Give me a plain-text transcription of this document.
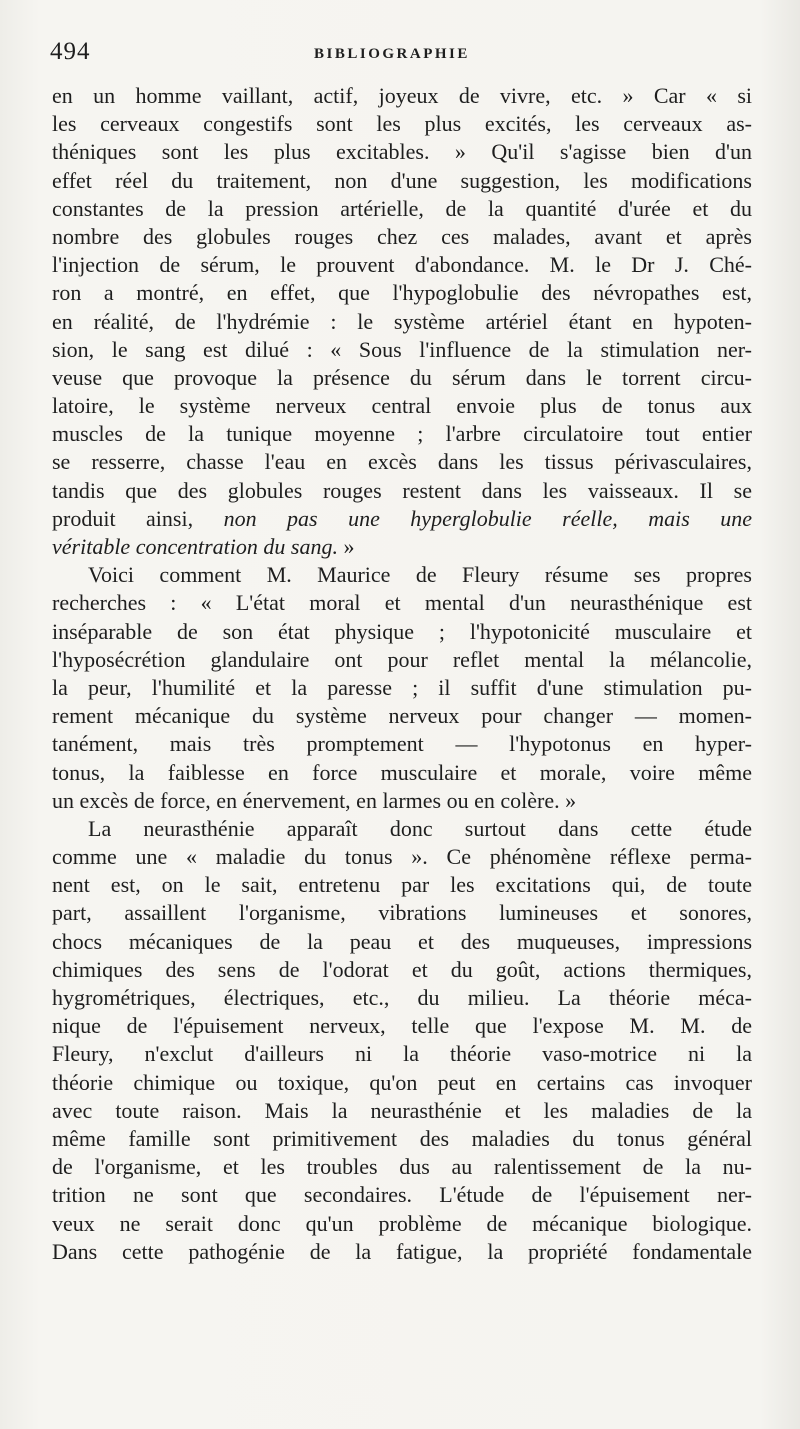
494	BIBLIOGRAPHIE
en un homme vaillant, actif, joyeux de vivre, etc. » Car « si
les cerveaux congestifs sont les plus excités, les cerveaux as-
théniques sont les plus excitables. » Qu'il s'agisse bien d'un
effet réel du traitement, non d'une suggestion, les modifications
constantes de la pression artérielle, de la quantité d'urée et du
nombre des globules rouges chez ces malades, avant et après
l'injection de sérum, le prouvent d'abondance. M. le Dr J. Ché-
ron a montré, en effet, que l'hypoglobulie des névropathes est,
en réalité, de l'hydrémie : le système artériel étant en hypoten-
sion, le sang est dilué : « Sous l'influence de la stimulation ner-
veuse que provoque la présence du sérum dans le torrent circu-
latoire, le système nerveux central envoie plus de tonus aux
muscles de la tunique moyenne ; l'arbre circulatoire tout entier
se resserre, chasse l'eau en excès dans les tissus périvasculaires,
tandis que des globules rouges restent dans les vaisseaux. Il se
produit ainsi, non pas une hyperglobulie réelle, mais une
véritable concentration du sang. »
Voici comment M. Maurice de Fleury résume ses propres
recherches : « L'état moral et mental d'un neurasthénique est
inséparable de son état physique ; l'hypotonicité musculaire et
l'hyposécrétion glandulaire ont pour reflet mental la mélancolie,
la peur, l'humilité et la paresse ; il suffit d'une stimulation pu-
rement mécanique du système nerveux pour changer — momen-
tanément, mais très promptement — l'hypotonus en hyper-
tonus, la faiblesse en force musculaire et morale, voire même
un excès de force, en énervement, en larmes ou en colère. »
La neurasthénie apparaît donc surtout dans cette étude
comme une « maladie du tonus ». Ce phénomène réflexe perma-
nent est, on le sait, entretenu par les excitations qui, de toute
part, assaillent l'organisme, vibrations lumineuses et sonores,
chocs mécaniques de la peau et des muqueuses, impressions
chimiques des sens de l'odorat et du goût, actions thermiques,
hygrométriques, électriques, etc., du milieu. La théorie méca-
nique de l'épuisement nerveux, telle que l'expose M. M. de
Fleury, n'exclut d'ailleurs ni la théorie vaso-motrice ni la
théorie chimique ou toxique, qu'on peut en certains cas invoquer
avec toute raison. Mais la neurasthénie et les maladies de la
même famille sont primitivement des maladies du tonus général
de l'organisme, et les troubles dus au ralentissement de la nu-
trition ne sont que secondaires. L'étude de l'épuisement ner-
veux ne serait donc qu'un problème de mécanique biologique.
Dans cette pathogénie de la fatigue, la propriété fondamentale
